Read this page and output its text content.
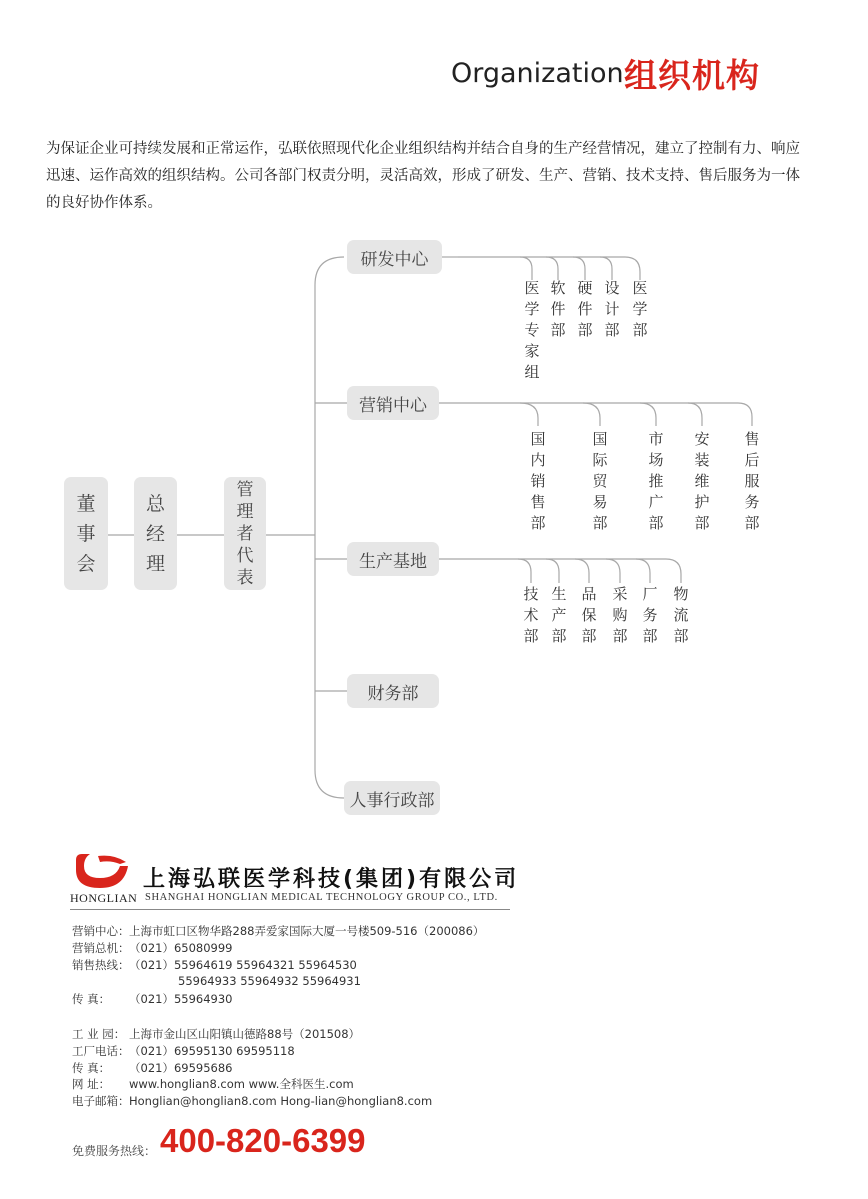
Organization 组织机构

为保证企业可持续发展和正常运作，弘联依照现代化企业组织结构并结合自身的生产经营情况，建立了控制有力、响应

迅速、运作高效的组织结构。公司各部门权责分明，灵活高效，形成了研发、生产、营销、技术支持、售后服务为一体

的良好协作体系。

董
事
会
总
经
理
管
理
者
代
表
研发中心
营销中心
生产基地
财务部
人事行政部
医
学
专
家
组
软
件
部
硬
件
部
设
计
部
医
学
部
国
内
销
售
部
国
际
贸
易
部
市
场
推
广
部
安
装
维
护
部
售
后
服
务
部
技
术
部
生
产
部
品
保
部
采
购
部
厂
务
部
物
流
部
HONGLIAN
上海弘联医学科技(集团)有限公司
SHANGHAI HONGLIAN MEDICAL TECHNOLOGY GROUP CO., LTD.
营销中心：上海市虹口区物华路288弄爱家国际大厦一号楼509-516（200086）
营销总机：（021）65080999
销售热线：（021）55964619 55964321 55964530
55964933 55964932 55964931
传 真： （021）55964930
工 业 园： 上海市金山区山阳镇山德路88号（201508）
工厂电话：（021）69595130 69595118
传 真： （021）69595686
网 址： www.honglian8.com www.全科医生.com
电子邮箱：Honglian@honglian8.com Hong-lian@honglian8.com
免费服务热线： 400-820-6399
